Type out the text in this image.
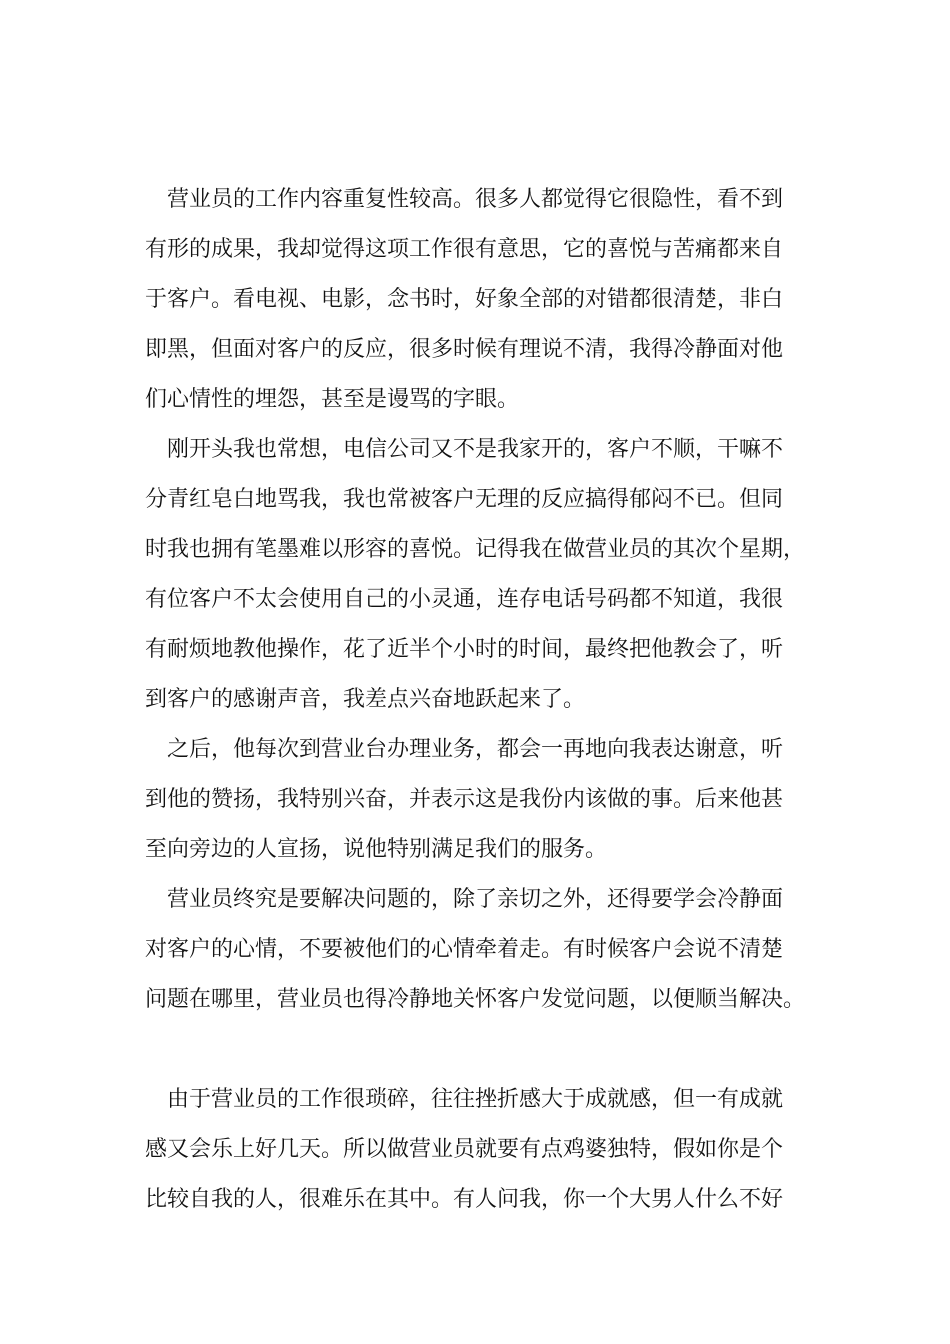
营业员的工作内容重复性较高。很多人都觉得它很隐性，看不到
有形的成果，我却觉得这项工作很有意思，它的喜悦与苦痛都来自
于客户。看电视、电影，念书时，好象全部的对错都很清楚，非白
即黑，但面对客户的反应，很多时候有理说不清，我得冷静面对他
们心情性的埋怨，甚至是谩骂的字眼。
刚开头我也常想，电信公司又不是我家开的，客户不顺，干嘛不
分青红皂白地骂我，我也常被客户无理的反应搞得郁闷不已。但同
时我也拥有笔墨难以形容的喜悦。记得我在做营业员的其次个星期，
有位客户不太会使用自己的小灵通，连存电话号码都不知道，我很
有耐烦地教他操作，花了近半个小时的时间，最终把他教会了，听
到客户的感谢声音，我差点兴奋地跃起来了。
之后，他每次到营业台办理业务，都会一再地向我表达谢意，听
到他的赞扬，我特别兴奋，并表示这是我份内该做的事。后来他甚
至向旁边的人宣扬，说他特别满足我们的服务。
营业员终究是要解决问题的，除了亲切之外，还得要学会冷静面
对客户的心情，不要被他们的心情牵着走。有时候客户会说不清楚
问题在哪里，营业员也得冷静地关怀客户发觉问题，以便顺当解决。
由于营业员的工作很琐碎，往往挫折感大于成就感，但一有成就
感又会乐上好几天。所以做营业员就要有点鸡婆独特，假如你是个
比较自我的人，很难乐在其中。有人问我，你一个大男人什么不好
